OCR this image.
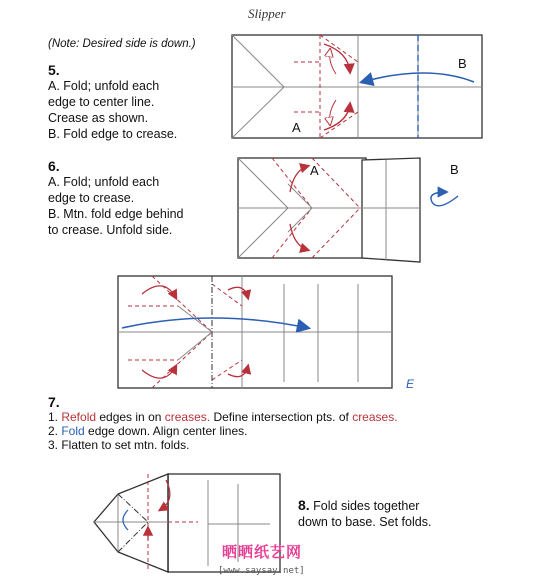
Slipper
(Note: Desired side is down.)
5.
A. Fold; unfold each
edge to center line.
Crease as shown.
B. Fold edge to crease.	A
B
6.
A. Fold; unfold each
edge to crease.
B. Mtn. fold edge behind
to crease. Unfold side.
A	B
E
7.
1. Refold edges in on creases. Define intersection pts. of creases.
2. Fold edge down. Align center lines.
3. Flatten to set mtn. folds.
8. Fold sides together
down to base. Set folds.
晒晒纸艺网
[www.saysay.net]
